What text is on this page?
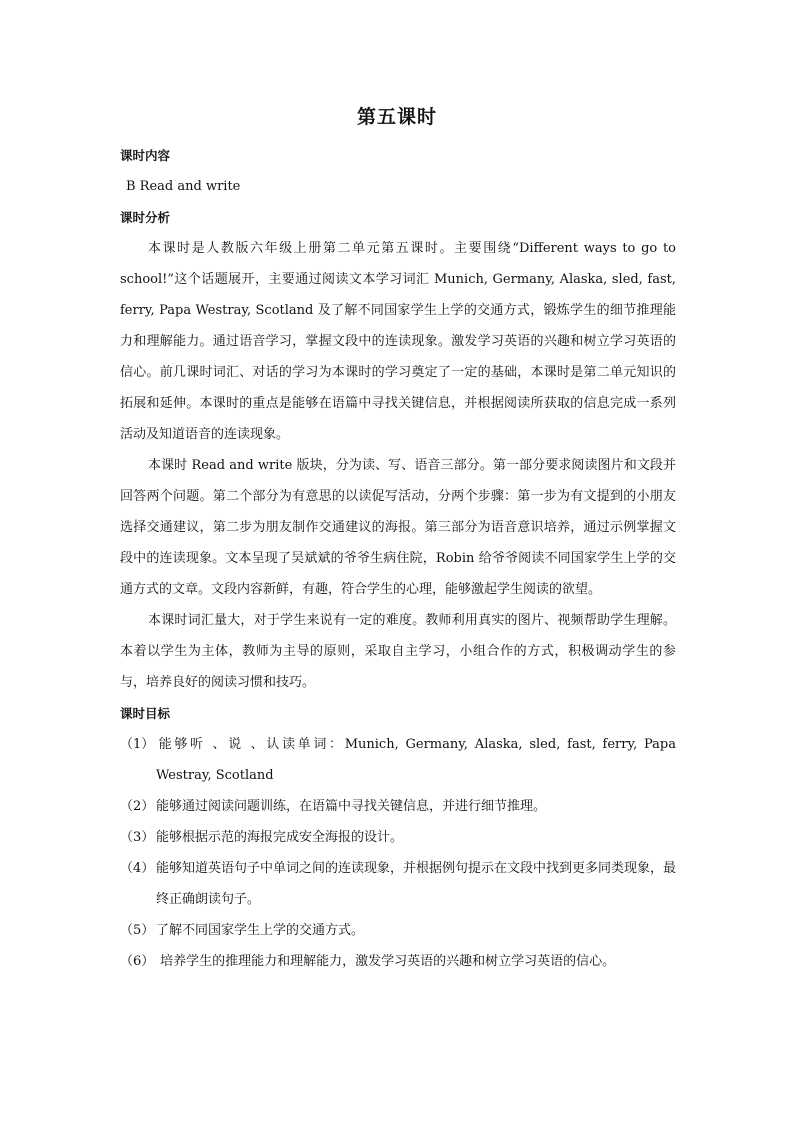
第五课时

课时内容

B Read and write

课时分析

本课时是人教版六年级上册第二单元第五课时。主要围绕“Different ways to go to school!”这个话题展开，主要通过阅读文本学习词汇 Munich, Germany, Alaska, sled, fast, ferry, Papa Westray, Scotland 及了解不同国家学生上学的交通方式，锻炼学生的细节推理能力和理解能力。通过语音学习，掌握文段中的连读现象。激发学习英语的兴趣和树立学习英语的信心。前几课时词汇、对话的学习为本课时的学习奠定了一定的基础，本课时是第二单元知识的拓展和延伸。本课时的重点是能够在语篇中寻找关键信息，并根据阅读所获取的信息完成一系列活动及知道语音的连读现象。

本课时 Read and write 版块，分为读、写、语音三部分。第一部分要求阅读图片和文段并回答两个问题。第二个部分为有意思的以读促写活动，分两个步骤：第一步为有文提到的小朋友选择交通建议，第二步为朋友制作交通建议的海报。第三部分为语音意识培养，通过示例掌握文段中的连读现象。文本呈现了吴斌斌的爷爷生病住院，Robin 给爷爷阅读不同国家学生上学的交通方式的文章。文段内容新鲜，有趣，符合学生的心理，能够激起学生阅读的欲望。

本课时词汇量大，对于学生来说有一定的难度。教师利用真实的图片、视频帮助学生理解。本着以学生为主体，教师为主导的原则，采取自主学习，小组合作的方式，积极调动学生的参与，培养良好的阅读习惯和技巧。

课时目标

（1） 能够听 、说 、认读单词：Munich, Germany, Alaska, sled, fast, ferry, Papa Westray, Scotland

（2） 能够通过阅读问题训练，在语篇中寻找关键信息，并进行细节推理。

（3） 能够根据示范的海报完成安全海报的设计。

（4） 能够知道英语句子中单词之间的连读现象，并根据例句提示在文段中找到更多同类现象，最终正确朗读句子。

（5） 了解不同国家学生上学的交通方式。

（6） 培养学生的推理能力和理解能力，激发学习英语的兴趣和树立学习英语的信心。
